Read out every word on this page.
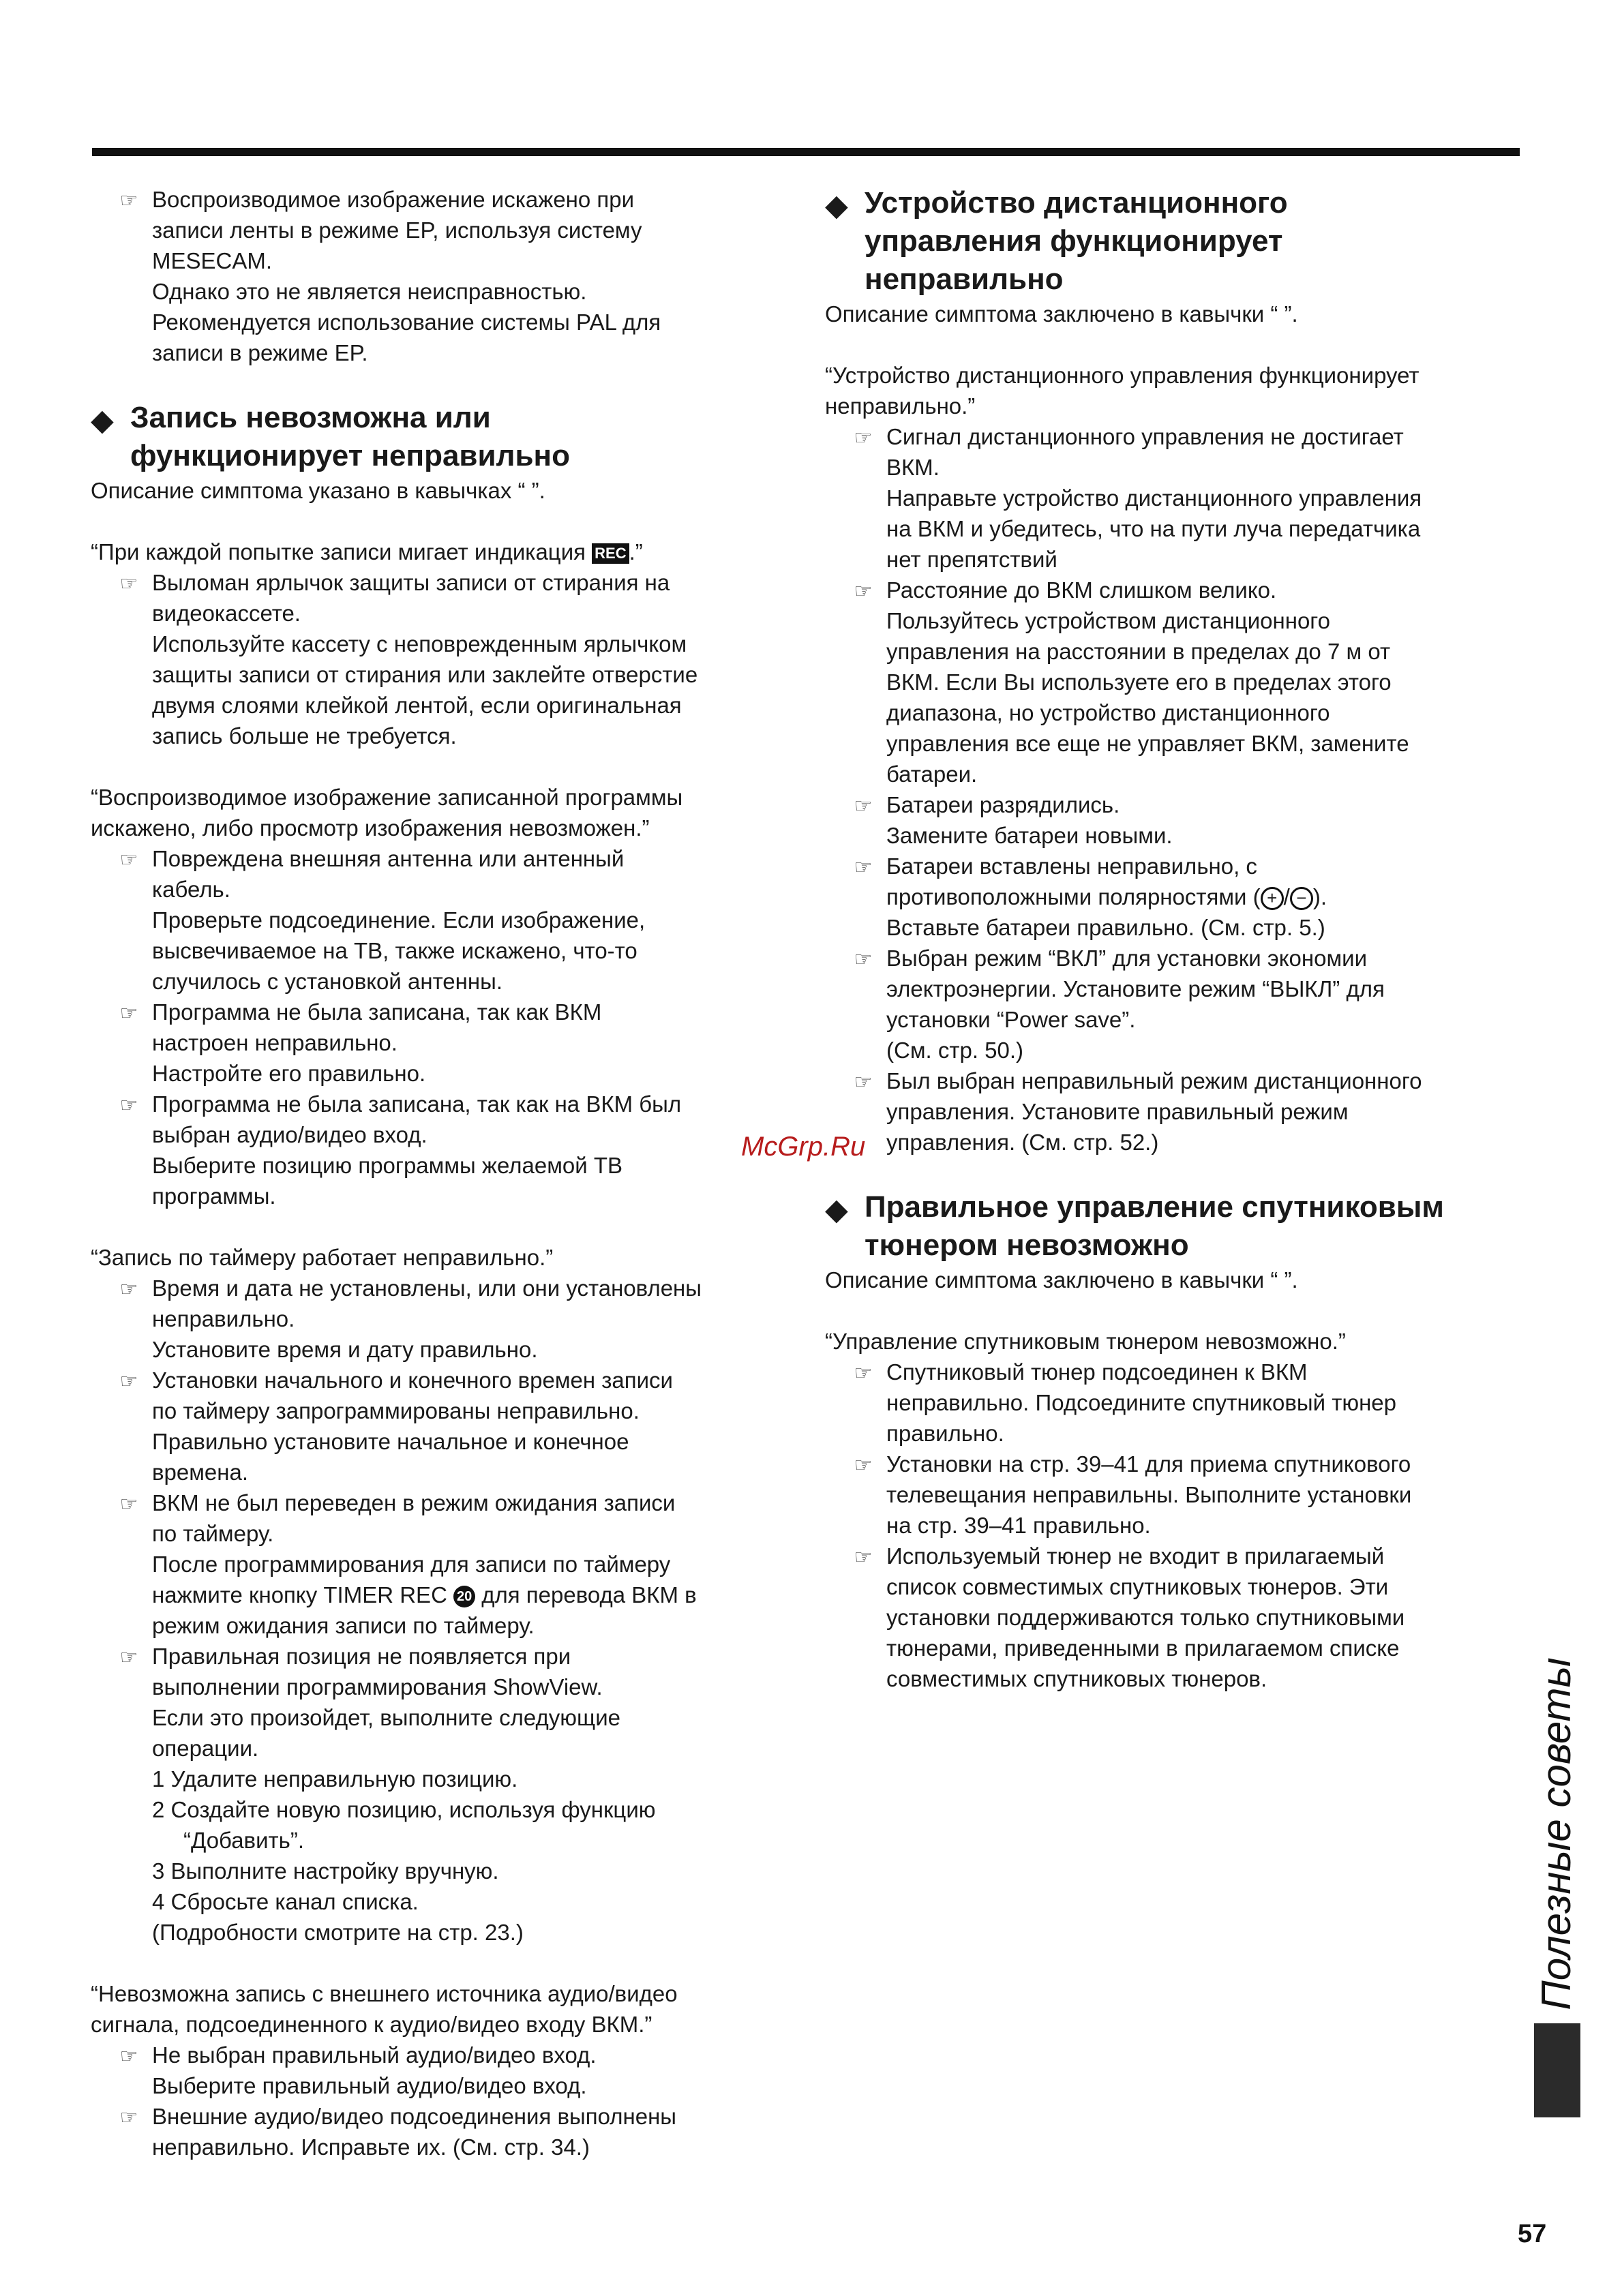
☞ Воспроизводимое изображение искажено при
записи ленты в режиме EP, используя систему
MESECAM.
Однако это не является неисправностью.
Рекомендуется использование системы PAL для
записи в режиме EP.
◆ Запись невозможна или
функционирует неправильно

Описание симптома указано в кавычках “ ”.

“При каждой попытке записи мигает индикация REC .”

☞ Выломан ярлычок защиты записи от стирания на
видеокассете.
Используйте кассету с неповрежденным ярлычком
защиты записи от стирания или заклейте отверстие
двумя слоями клейкой лентой, если оригинальная
запись больше не требуется.

“Воспроизводимое изображение записанной программы
искажено, либо просмотр изображения невозможен.”

☞ Повреждена внешняя антенна или антенный
кабель.
Проверьте подсоединение. Если изображение,
высвечиваемое на ТВ, также искажено, что-то
случилось с установкой антенны.
☞ Программа не была записана, так как ВКМ
настроен неправильно.
Настройте его правильно.
☞ Программа не была записана, так как на ВКМ был
выбран аудио/видео вход.
Выберите позицию программы желаемой ТВ
программы.

“Запись по таймеру работает неправильно.”

☞ Время и дата не установлены, или они установлены
неправильно.
Установите время и дату правильно.
☞ Установки начального и конечного времен записи
по таймеру запрограммированы неправильно.
Правильно установите начальное и конечное
времена.
☞ ВКМ не был переведен в режим ожидания записи
по таймеру.
После программирования для записи по таймеру
нажмите кнопку TIMER REC 20 для перевода ВКМ в
режим ожидания записи по таймеру.
☞ Правильная позиция не появляется при
выполнении программирования ShowView.
Если это произойдет, выполните следующие
операции.
1 Удалите неправильную позицию.
2 Создайте новую позицию, используя функцию
“Добавить”.
3 Выполните настройку вручную.
4 Сбросьте канал списка.
(Подробности смотрите на стр. 23.)

“Невозможна запись с внешнего источника аудио/видео
сигнала, подсоединенного к аудио/видео входу ВКМ.”

☞ Не выбран правильный аудио/видео вход.
Выберите правильный аудио/видео вход.
☞ Внешние аудио/видео подсоединения выполнены
неправильно. Исправьте их. (См. стр. 34.)
◆ Устройство дистанционного
управления функционирует
неправильно

Описание симптома заключено в кавычки “ ”.

“Устройство дистанционного управления функционирует
неправильно.”

☞ Сигнал дистанционного управления не достигает
ВКМ.
Направьте устройство дистанционного управления
на ВКМ и убедитесь, что на пути луча передатчика
нет препятствий
☞ Расстояние до ВКМ слишком велико.
Пользуйтесь устройством дистанционного
управления на расстоянии в пределах до 7 м от
ВКМ. Если Вы используете его в пределах этого
диапазона, но устройство дистанционного
управления все еще не управляет ВКМ, замените
батареи.
☞ Батареи разрядились.
Замените батареи новыми.
☞ Батареи вставлены неправильно, с
противоположными полярностями ( + / − ).
Вставьте батареи правильно. (См. стр. 5.)
☞ Выбран режим “ВКЛ” для установки экономии
электроэнергии. Установите режим “ВЫКЛ” для
установки “Power save”.
(См. стр. 50.)
☞ Был выбран неправильный режим дистанционного
управления. Установите правильный режим
управления. (См. стр. 52.)
◆ Правильное управление спутниковым
тюнером невозможно

Описание симптома заключено в кавычки “ ”.

“Управление спутниковым тюнером невозможно.”

☞ Спутниковый тюнер подсоединен к ВКМ
неправильно. Подсоедините спутниковый тюнер
правильно.
☞ Установки на стр. 39–41 для приема спутникового
телевещания неправильны. Выполните установки
на стр. 39–41 правильно.
☞ Используемый тюнер не входит в прилагаемый
список совместимых спутниковых тюнеров. Эти
установки поддерживаются только спутниковыми
тюнерами, приведенными в прилагаемом списке
совместимых спутниковых тюнеров.
McGrp.Ru
Полезные советы
57
